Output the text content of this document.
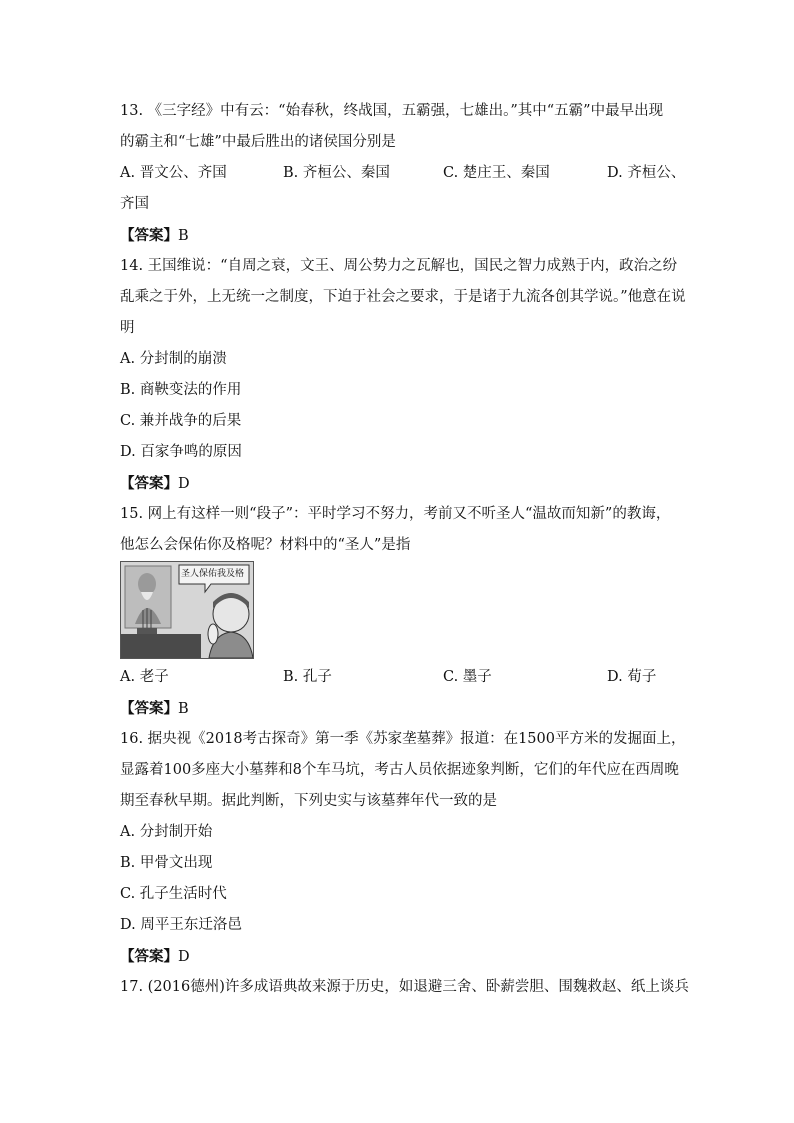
13. 《三字经》中有云：“始春秋，终战国，五霸强，七雄出。”其中“五霸”中最早出现
的霸主和“七雄”中最后胜出的诸侯国分别是
A. 晋文公、齐国	B. 齐桓公、秦国	C. 楚庄王、秦国	D. 齐桓公、
齐国
【答案】B
14. 王国维说：“自周之衰，文王、周公势力之瓦解也，国民之智力成熟于内，政治之纷
乱乘之于外，上无统一之制度，下迫于社会之要求，于是诸于九流各创其学说。”他意在说
明
A. 分封制的崩溃
B. 商鞅变法的作用
C. 兼并战争的后果
D. 百家争鸣的原因
【答案】D
15. 网上有这样一则“段子”：平时学习不努力，考前又不听圣人“温故而知新”的教诲，
他怎么会保佑你及格呢？材料中的“圣人”是指
圣人保佑我及格
A. 老子	B. 孔子	C. 墨子	D. 荀子
【答案】B
16. 据央视《2018考古探奇》第一季《苏家垄墓葬》报道：在1500平方米的发掘面上，
显露着100多座大小墓葬和8个车马坑，考古人员依据迹象判断，它们的年代应在西周晚
期至春秋早期。据此判断，下列史实与该墓葬年代一致的是
A. 分封制开始
B. 甲骨文出现
C. 孔子生活时代
D. 周平王东迁洛邑
【答案】D
17. (2016德州)许多成语典故来源于历史，如退避三舍、卧薪尝胆、围魏救赵、纸上谈兵
